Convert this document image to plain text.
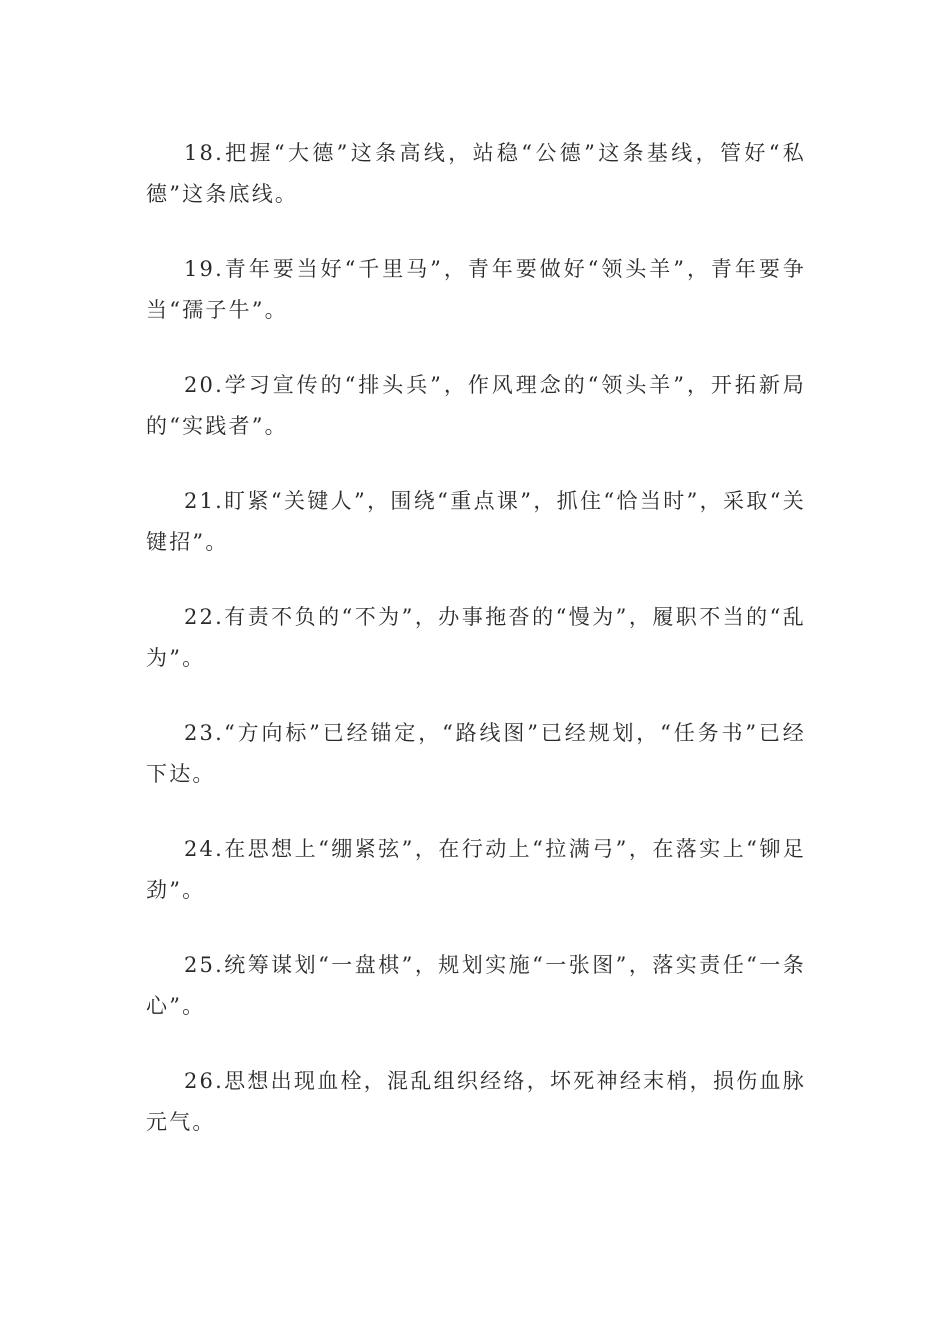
18.把握“大德”这条高线，站稳“公德”这条基线，管好“私德”这条底线。

19.青年要当好“千里马”，青年要做好“领头羊”，青年要争当“孺子牛”。

20.学习宣传的“排头兵”，作风理念的“领头羊”，开拓新局的“实践者”。

21.盯紧“关键人”，围绕“重点课”，抓住“恰当时”，采取“关键招”。

22.有责不负的“不为”，办事拖沓的“慢为”，履职不当的“乱为”。

23.“方向标”已经锚定，“路线图”已经规划，“任务书”已经下达。

24.在思想上“绷紧弦”，在行动上“拉满弓”，在落实上“铆足劲”。

25.统筹谋划“一盘棋”，规划实施“一张图”，落实责任“一条心”。

26.思想出现血栓，混乱组织经络，坏死神经末梢，损伤血脉元气。
